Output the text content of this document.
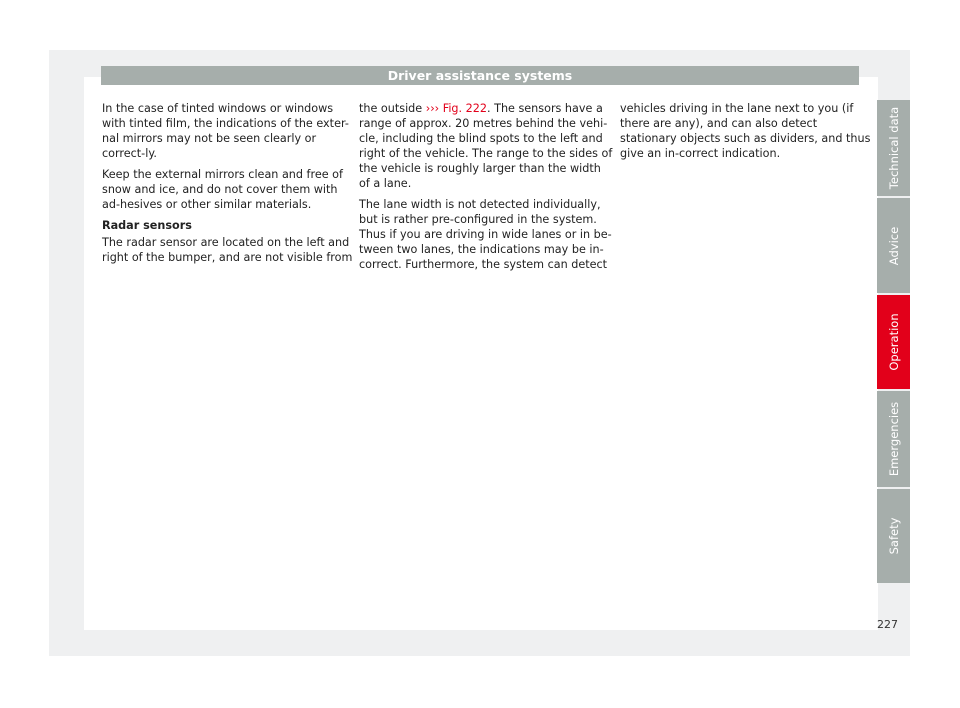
Driver assistance systems

In the case of tinted windows or windows with tinted film, the indications of the exter-nal mirrors may not be seen clearly or correct-ly.

Keep the external mirrors clean and free of snow and ice, and do not cover them with ad-hesives or other similar materials.

Radar sensors

The radar sensor are located on the left and right of the bumper, and are not visible from

the outside ››› Fig. 222. The sensors have a range of approx. 20 metres behind the vehi-cle, including the blind spots to the left and right of the vehicle. The range to the sides of the vehicle is roughly larger than the width of a lane.

The lane width is not detected individually, but is rather pre-configured in the system. Thus if you are driving in wide lanes or in be-tween two lanes, the indications may be in-correct. Furthermore, the system can detect

vehicles driving in the lane next to you (if there are any), and can also detect stationary objects such as dividers, and thus give an in-correct indication.	Technical data
Advice
Operation
Emergencies
Safety
227
